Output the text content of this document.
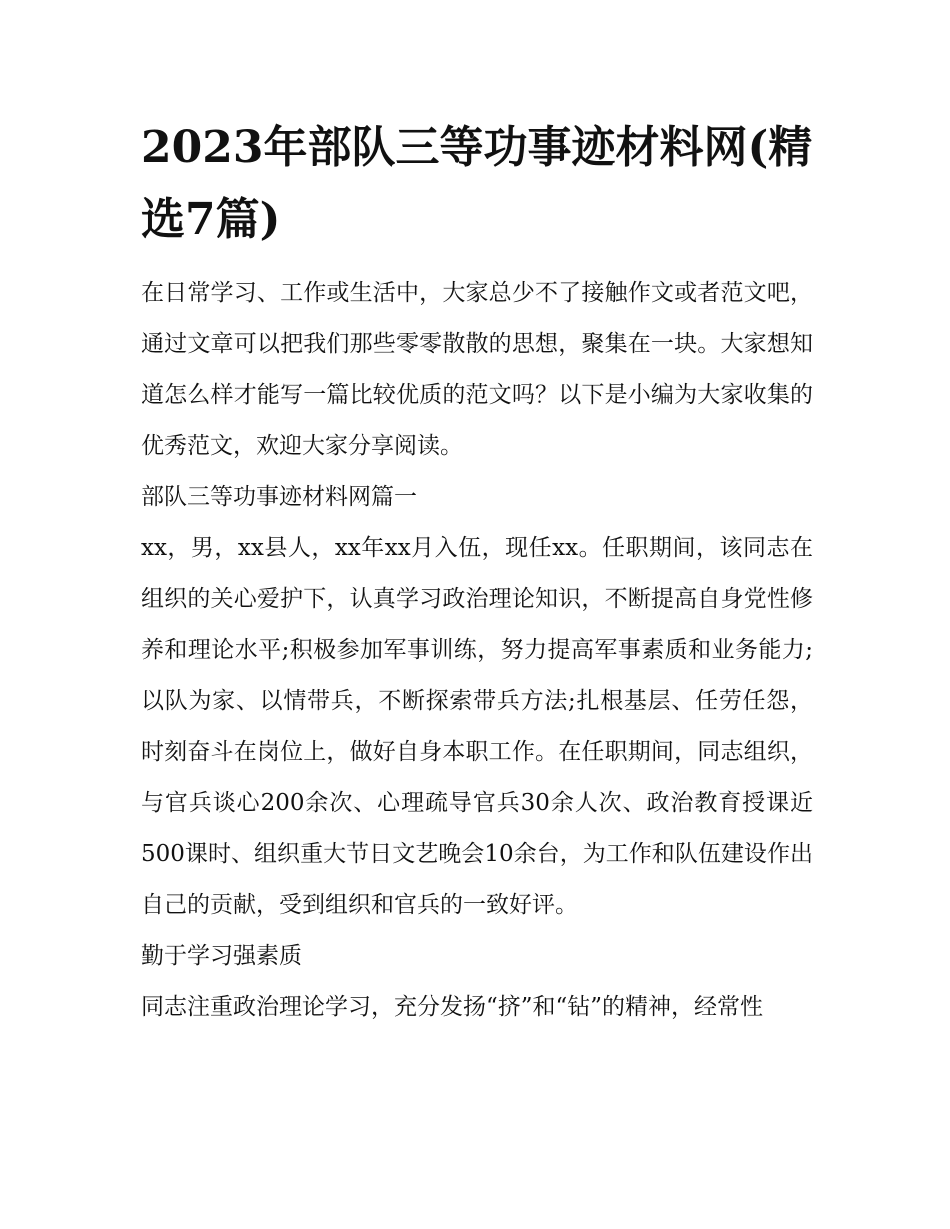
2023年部队三等功事迹材料网(精选7篇)

在日常学习、工作或生活中，大家总少不了接触作文或者范文吧，通过文章可以把我们那些零零散散的思想，聚集在一块。大家想知道怎么样才能写一篇比较优质的范文吗？以下是小编为大家收集的优秀范文，欢迎大家分享阅读。

部队三等功事迹材料网篇一

xx，男，xx县人，xx年xx月入伍，现任xx。任职期间，该同志在组织的关心爱护下，认真学习政治理论知识，不断提高自身党性修养和理论水平;积极参加军事训练，努力提高军事素质和业务能力;以队为家、以情带兵，不断探索带兵方法;扎根基层、任劳任怨，时刻奋斗在岗位上，做好自身本职工作。在任职期间，同志组织，与官兵谈心200余次、心理疏导官兵30余人次、政治教育授课近500课时、组织重大节日文艺晚会10余台，为工作和队伍建设作出自己的贡献，受到组织和官兵的一致好评。

勤于学习强素质

同志注重政治理论学习，充分发扬“挤”和“钻”的精神，经常性
